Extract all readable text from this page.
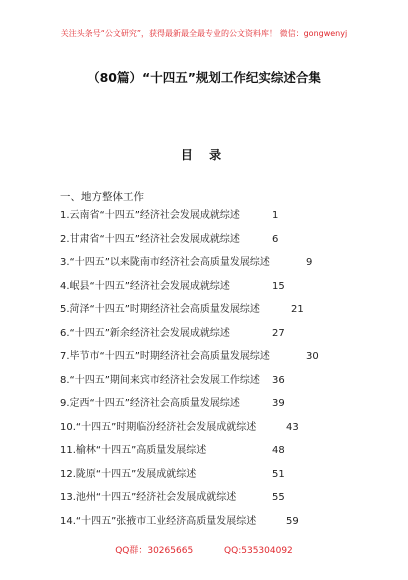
关注头条号“公文研究”，获得最新最全最专业的公文资料库！ 微信：gongwenyj
（80篇）“十四五”规划工作纪实综述合集
目 录
一、地方整体工作
1.云南省“十四五”经济社会发展成就综述	1
2.甘肃省“十四五”经济社会发展成就综述	6
3.“十四五”以来陇南市经济社会高质量发展综述	9
4.岷县“十四五”经济社会发展成就综述	15
5.菏泽“十四五”时期经济社会高质量发展综述	21
6.“十四五”新余经济社会发展成就综述	27
7.毕节市“十四五”时期经济社会高质量发展综述	30
8.“十四五”期间来宾市经济社会发展工作综述 36
9.定西“十四五”经济社会高质量发展综述	39
10.“十四五”时期临汾经济社会发展成就综述	43
11.榆林“十四五”高质量发展综述	48
12.陇原“十四五”发展成就综述	51
13.池州“十四五”经济社会发展成就综述	55
14.“十四五”张掖市工业经济高质量发展综述	59
QQ群：30265665	QQ:535304092
